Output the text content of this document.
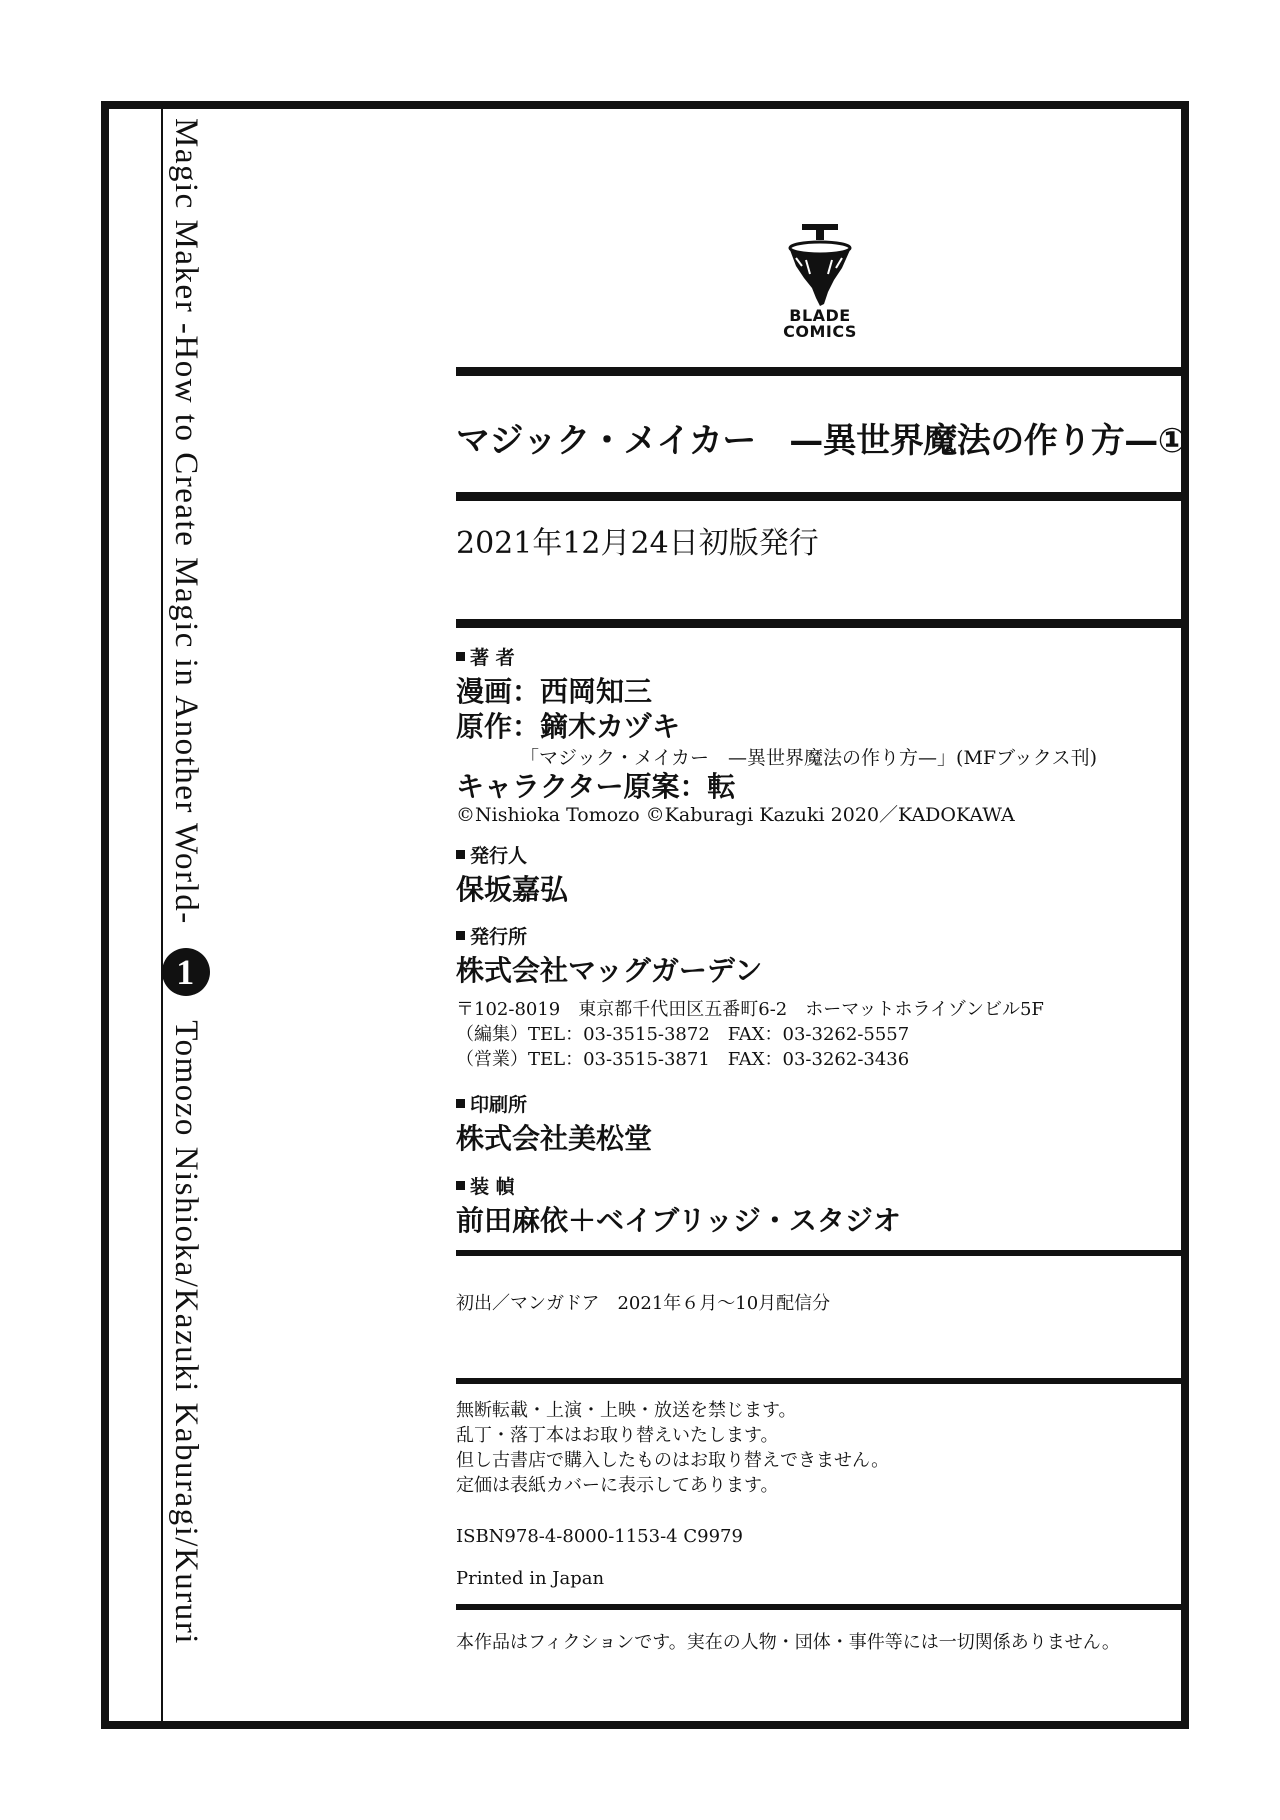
Magic Maker -How to Create Magic in Another World- 1 Tomozo Nishioka/Kazuki Kaburagi/Kururi
BLADE
COMICS
マジック・メイカー　—異世界魔法の作り方—①
2021年12月24日初版発行
著 者
漫画：西岡知三
原作：鏑木カヅキ
「マジック・メイカー　—異世界魔法の作り方—」(MFブックス刊)
キャラクター原案：転
©Nishioka Tomozo ©Kaburagi Kazuki 2020／KADOKAWA
発行人
保坂嘉弘
発行所
株式会社マッグガーデン
〒102-8019　東京都千代田区五番町6-2　ホーマットホライゾンビル5F
（編集）TEL：03-3515-3872　FAX：03-3262-5557
（営業）TEL：03-3515-3871　FAX：03-3262-3436
印刷所
株式会社美松堂
装 幀
前田麻依＋ベイブリッジ・スタジオ
初出／マンガドア　2021年６月～10月配信分
無断転載・上演・上映・放送を禁じます。
乱丁・落丁本はお取り替えいたします。
但し古書店で購入したものはお取り替えできません。
定価は表紙カバーに表示してあります。
ISBN978-4-8000-1153-4 C9979
Printed in Japan
本作品はフィクションです。実在の人物・団体・事件等には一切関係ありません。
